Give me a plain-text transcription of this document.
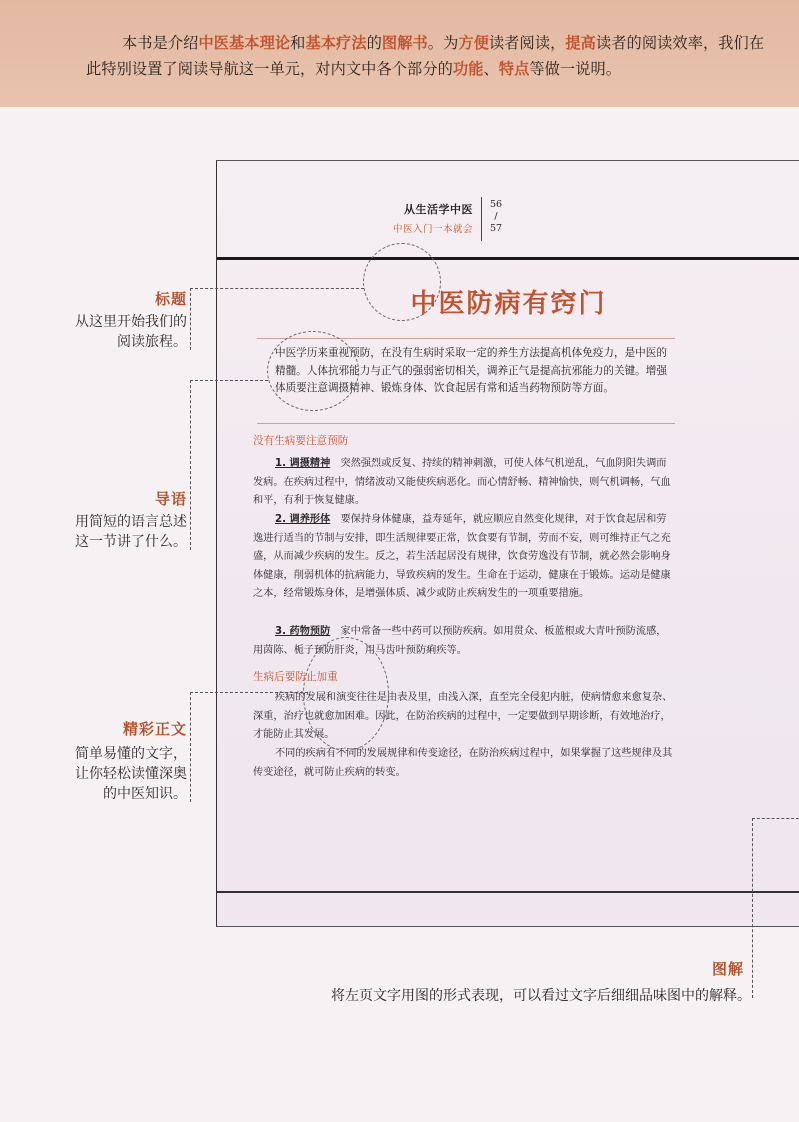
本书是介绍中医基本理论和基本疗法的图解书。为方便读者阅读，提高读者的阅读效率，我们在此特别设置了阅读导航这一单元，对内文中各个部分的功能、特点等做一说明。
从生活学中医
中医入门一本就会
56
/
57
中医防病有窍门
中医学历来重视预防，在没有生病时采取一定的养生方法提高机体免疫力，是中医的精髓。人体抗邪能力与正气的强弱密切相关，调养正气是提高抗邪能力的关键。增强体质要注意调摄精神、锻炼身体、饮食起居有常和适当药物预防等方面。
没有生病要注意预防
1. 调摄精神　 突然强烈或反复、持续的精神刺激，可使人体气机逆乱，气血阴阳失调而发病。在疾病过程中，情绪波动又能使疾病恶化。而心情舒畅、精神愉快，则气机调畅，气血和平，有利于恢复健康。
2. 调养形体　 要保持身体健康，益寿延年，就应顺应自然变化规律，对于饮食起居和劳逸进行适当的节制与安排，即生活规律要正常，饮食要有节制，劳而不妄，则可维持正气之充盛，从而减少疾病的发生。反之，若生活起居没有规律，饮食劳逸没有节制，就必然会影响身体健康，削弱机体的抗病能力，导致疾病的发生。生命在于运动，健康在于锻炼。运动是健康之本，经常锻炼身体，是增强体质、减少或防止疾病发生的一项重要措施。
3. 药物预防　 家中常备一些中药可以预防疾病。如用贯众、板蓝根或大青叶预防流感，用茵陈、栀子预防肝炎，用马齿叶预防痢疾等。
生病后要防止加重
疾病的发展和演变往往是由表及里，由浅入深，直至完全侵犯内脏，使病情愈来愈复杂、深重，治疗也就愈加困难。因此，在防治疾病的过程中，一定要做到早期诊断，有效地治疗，才能防止其发展。
不同的疾病有不同的发展规律和传变途径，在防治疾病过程中，如果掌握了这些规律及其传变途径，就可防止疾病的转变。
标题
从这里开始我们的
阅读旅程。
导语
用简短的语言总述
这一节讲了什么。
精彩正文
简单易懂的文字，
让你轻松读懂深奥
的中医知识。
图解
将左页文字用图的形式表现，可以看过文字后细细品味图中的解释。
